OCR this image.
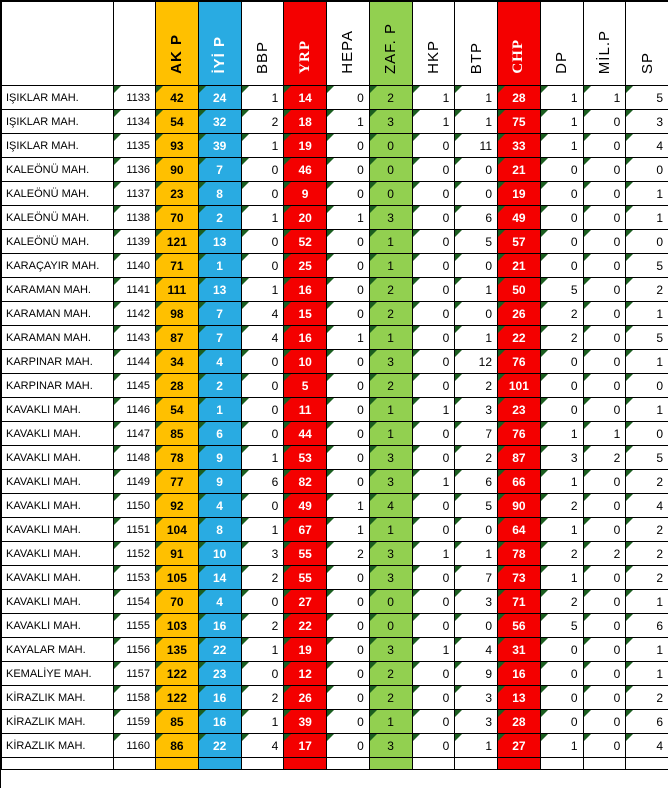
		AK P	İYİ P	BBP	YRP	HEPA	ZAF. P	HKP	BTP	CHP	DP	MİL.P	SP
IŞIKLAR MAH.	1133	42	24	1	14	0	2	1	1	28	1	1	5
IŞIKLAR MAH.	1134	54	32	2	18	1	3	1	1	75	1	0	3
IŞIKLAR MAH.	1135	93	39	1	19	0	0	0	11	33	1	0	4
KALEÖNÜ MAH.	1136	90	7	0	46	0	0	0	0	21	0	0	0
KALEÖNÜ MAH.	1137	23	8	0	9	0	0	0	0	19	0	0	1
KALEÖNÜ MAH.	1138	70	2	1	20	1	3	0	6	49	0	0	1
KALEÖNÜ MAH.	1139	121	13	0	52	0	1	0	5	57	0	0	0
KARAÇAYIR MAH.	1140	71	1	0	25	0	1	0	0	21	0	0	5
KARAMAN MAH.	1141	111	13	1	16	0	2	0	1	50	5	0	2
KARAMAN MAH.	1142	98	7	4	15	0	2	0	0	26	2	0	1
KARAMAN MAH.	1143	87	7	4	16	1	1	0	1	22	2	0	5
KARPINAR MAH.	1144	34	4	0	10	0	3	0	12	76	0	0	1
KARPINAR MAH.	1145	28	2	0	5	0	2	0	2	101	0	0	0
KAVAKLI MAH.	1146	54	1	0	11	0	1	1	3	23	0	0	1
KAVAKLI MAH.	1147	85	6	0	44	0	1	0	7	76	1	1	0
KAVAKLI MAH.	1148	78	9	1	53	0	3	0	2	87	3	2	5
KAVAKLI MAH.	1149	77	9	6	82	0	3	1	6	66	1	0	2
KAVAKLI MAH.	1150	92	4	0	49	1	4	0	5	90	2	0	4
KAVAKLI MAH.	1151	104	8	1	67	1	1	0	0	64	1	0	2
KAVAKLI MAH.	1152	91	10	3	55	2	3	1	1	78	2	2	2
KAVAKLI MAH.	1153	105	14	2	55	0	3	0	7	73	1	0	2
KAVAKLI MAH.	1154	70	4	0	27	0	0	0	3	71	2	0	1
KAVAKLI MAH.	1155	103	16	2	22	0	0	0	0	56	5	0	6
KAYALAR MAH.	1156	135	22	1	19	0	3	1	4	31	0	0	1
KEMALİYE MAH.	1157	122	23	0	12	0	2	0	9	16	0	0	1
KİRAZLIK MAH.	1158	122	16	2	26	0	2	0	3	13	0	0	2
KİRAZLIK MAH.	1159	85	16	1	39	0	1	0	3	28	0	0	6
KİRAZLIK MAH.	1160	86	22	4	17	0	3	0	1	27	1	0	4
